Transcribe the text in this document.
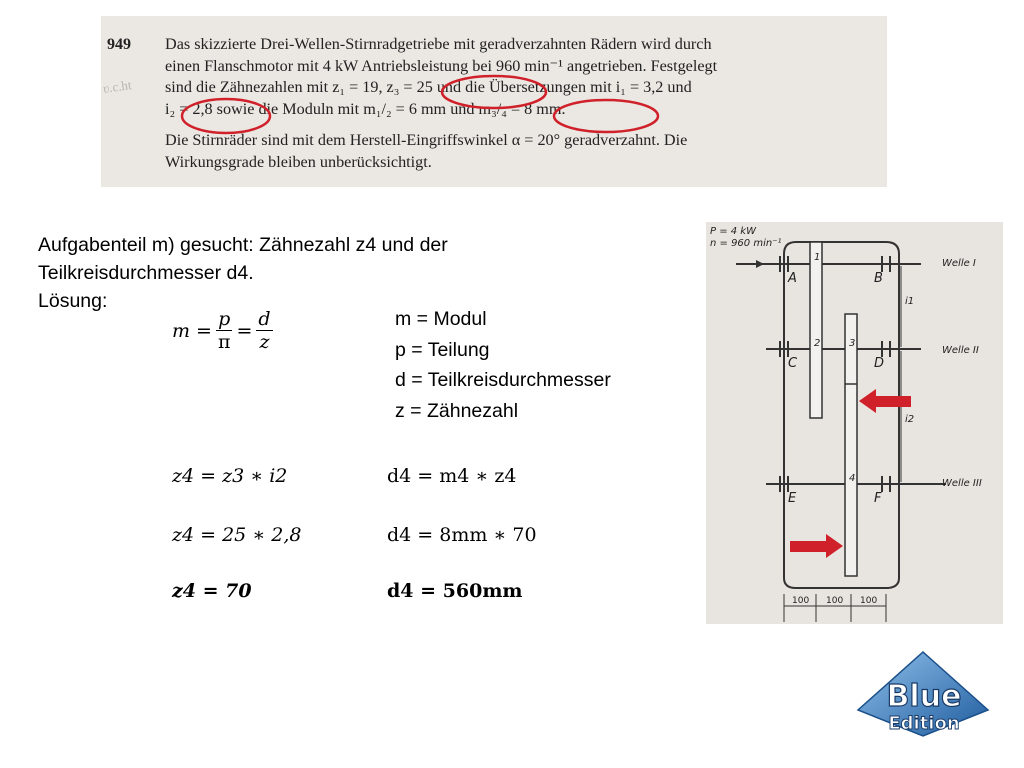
949
ʋ.c.ht
Das skizzierte Drei-Wellen-Stirnradgetriebe mit geradverzahnten Rädern wird durch
einen Flanschmotor mit 4 kW Antriebsleistung bei 960 min⁻¹ angetrieben. Festgelegt
sind die Zähnezahlen mit z₁ = 19, z₃ = 25 und die Übersetzungen mit i₁ = 3,2 und
i₂ = 2,8 sowie die Moduln mit m₁/₂ = 6 mm und m₃/₄ = 8 mm.
Die Stirnräder sind mit dem Herstell-Eingriffswinkel α = 20° geradverzahnt. Die
Wirkungsgrade bleiben unberücksichtigt.
Aufgabenteil m) gesucht: Zähnezahl z4 und der
Teilkreisdurchmesser d4.
Lösung:
$m = \frac{p}{\pi} = \frac{d}{z}$	m = Modul
p = Teilung
d = Teilkreisdurchmesser
z = Zähnezahl
z4 = z3 ∗ i2	d4 = m4 ∗ z4
z4 = 25 ∗ 2,8	d4 = 8mm ∗ 70
z4 = 70	d4 = 560mm
P = 4 kW
n = 960 min⁻¹
Welle I
Welle II
Welle III
i1
i2
A	B
C	D
E	F
1
2	3
4
100 100 100
Blue
Edition
